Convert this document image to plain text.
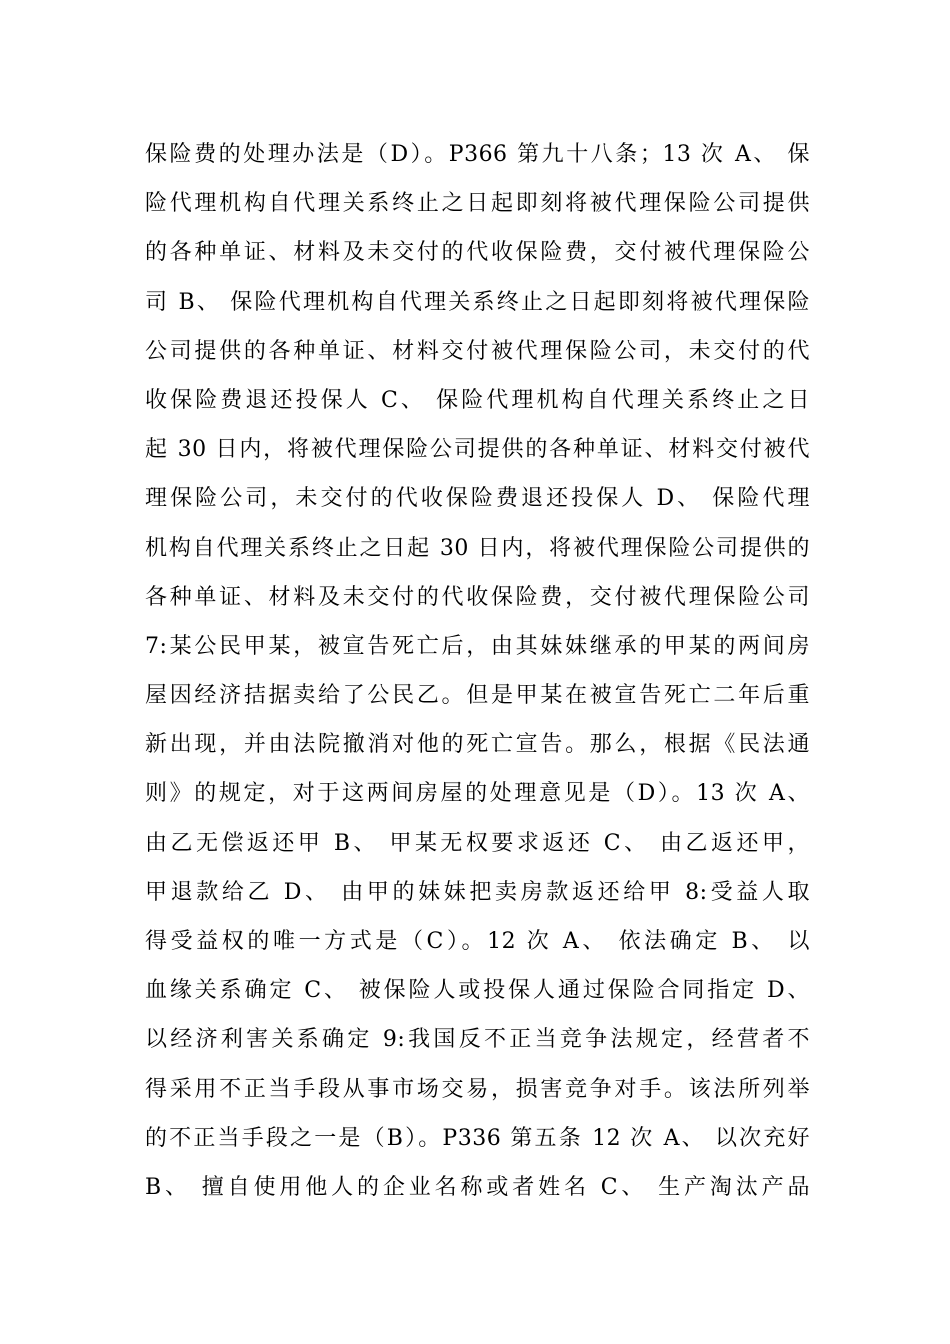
保险费的处理办法是（D）。P366 第九十八条；13 次 A、 保
险代理机构自代理关系终止之日起即刻将被代理保险公司提供
的各种单证、材料及未交付的代收保险费，交付被代理保险公
司 B、 保险代理机构自代理关系终止之日起即刻将被代理保险
公司提供的各种单证、材料交付被代理保险公司，未交付的代
收保险费退还投保人 C、 保险代理机构自代理关系终止之日
起 30 日内，将被代理保险公司提供的各种单证、材料交付被代
理保险公司，未交付的代收保险费退还投保人 D、 保险代理
机构自代理关系终止之日起 30 日内，将被代理保险公司提供的
各种单证、材料及未交付的代收保险费，交付被代理保险公司
7:某公民甲某，被宣告死亡后，由其妹妹继承的甲某的两间房
屋因经济拮据卖给了公民乙。但是甲某在被宣告死亡二年后重
新出现，并由法院撤消对他的死亡宣告。那么，根据《民法通
则》的规定，对于这两间房屋的处理意见是（D）。13 次 A、
由乙无偿返还甲 B、 甲某无权要求返还 C、 由乙返还甲，
甲退款给乙 D、 由甲的妹妹把卖房款返还给甲 8:受益人取
得受益权的唯一方式是（C）。12 次 A、 依法确定 B、 以
血缘关系确定 C、 被保险人或投保人通过保险合同指定 D、
以经济利害关系确定 9:我国反不正当竞争法规定，经营者不
得采用不正当手段从事市场交易，损害竞争对手。该法所列举
的不正当手段之一是（B）。P336 第五条 12 次 A、 以次充好
B、 擅自使用他人的企业名称或者姓名 C、 生产淘汰产品
